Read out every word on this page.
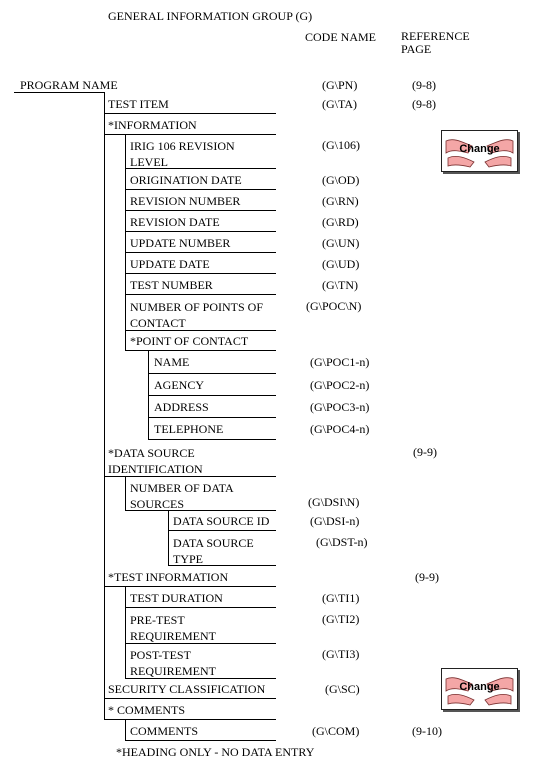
GENERAL INFORMATION GROUP (G)
CODE NAME REFERENCE PAGE
PROGRAM NAME
TEST ITEM
*INFORMATION
IRIG 106 REVISION LEVEL
ORIGINATION DATE
REVISION NUMBER
REVISION DATE
UPDATE NUMBER
UPDATE DATE
TEST NUMBER
NUMBER OF POINTS OF CONTACT
*POINT OF CONTACT
NAME
AGENCY
ADDRESS
TELEPHONE
*DATA SOURCE IDENTIFICATION
NUMBER OF DATA SOURCES
DATA SOURCE ID
DATA SOURCE TYPE
*TEST INFORMATION
TEST DURATION
PRE-TEST REQUIREMENT
POST-TEST REQUIREMENT
SECURITY CLASSIFICATION
* COMMENTS
COMMENTS
(G\PN)
(G\TA)
(G\106)
(G\OD)
(G\RN)
(G\RD)
(G\UN)
(G\UD)
(G\TN)
(G\POC\N)
(G\POC1-n)
(G\POC2-n)
(G\POC3-n)
(G\POC4-n)
(G\DSI\N)
(G\DSI-n)
(G\DST-n)
(G\TI1)
(G\TI2)
(G\TI3)
(G\SC)
(G\COM)
(9-8)
(9-8)
(9-9)
(9-9)
(9-10)
Change
Change
*HEADING ONLY - NO DATA ENTRY
